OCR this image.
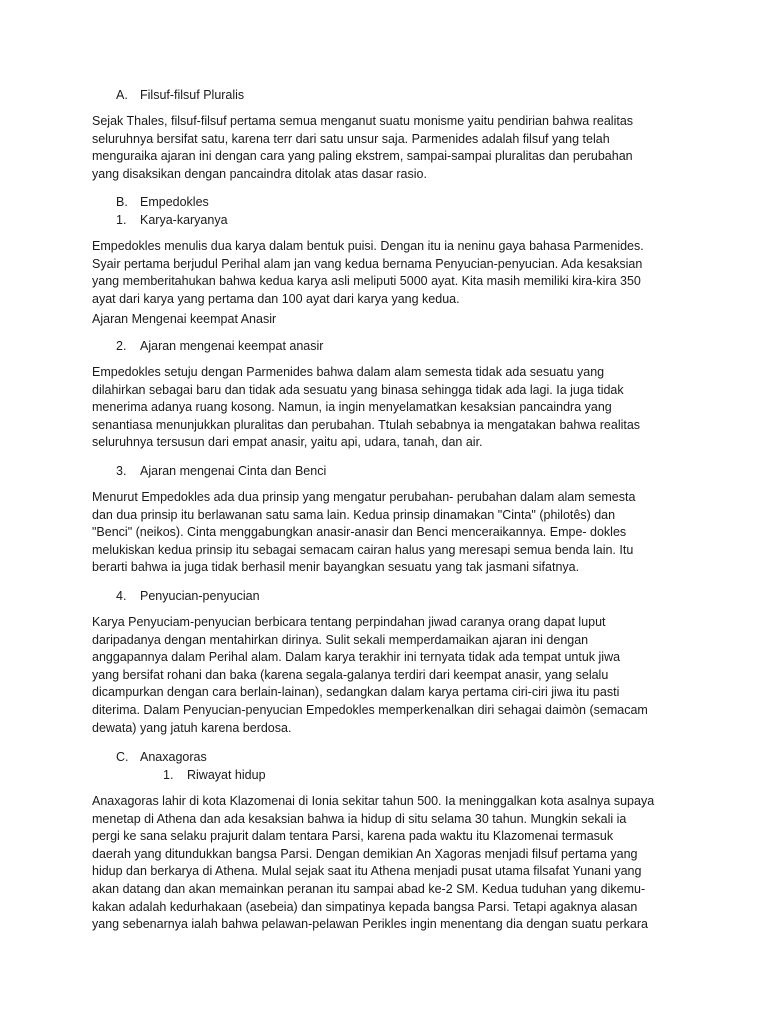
A. Filsuf-filsuf Pluralis
Sejak Thales, filsuf-filsuf pertama semua menganut suatu monisme yaitu pendirian bahwa realitas
seluruhnya bersifat satu, karena terr dari satu unsur saja. Parmenides adalah filsuf yang telah
menguraika ajaran ini dengan cara yang paling ekstrem, sampai-sampai pluralitas dan perubahan
yang disaksikan dengan pancaindra ditolak atas dasar rasio.
B. Empedokles
1. Karya-karyanya
Empedokles menulis dua karya dalam bentuk puisi. Dengan itu ia neninu gaya bahasa Parmenides.
Syair pertama berjudul Perihal alam jan vang kedua bernama Penyucian-penyucian. Ada kesaksian
yang memberitahukan bahwa kedua karya asli meliputi 5000 ayat. Kita masih memiliki kira-kira 350
ayat dari karya yang pertama dan 100 ayat dari karya yang kedua.
Ajaran Mengenai keempat Anasir
2. Ajaran mengenai keempat anasir
Empedokles setuju dengan Parmenides bahwa dalam alam semesta tidak ada sesuatu yang
dilahirkan sebagai baru dan tidak ada sesuatu yang binasa sehingga tidak ada lagi. Ia juga tidak
menerima adanya ruang kosong. Namun, ia ingin menyelamatkan kesaksian pancaindra yang
senantiasa menunjukkan pluralitas dan perubahan. Ttulah sebabnya ia mengatakan bahwa realitas
seluruhnya tersusun dari empat anasir, yaitu api, udara, tanah, dan air.
3. Ajaran mengenai Cinta dan Benci
Menurut Empedokles ada dua prinsip yang mengatur perubahan- perubahan dalam alam semesta
dan dua prinsip itu berlawanan satu sama lain. Kedua prinsip dinamakan "Cinta" (philotês) dan
"Benci" (neikos). Cinta menggabungkan anasir-anasir dan Benci menceraikannya. Empe- dokles
melukiskan kedua prinsip itu sebagai semacam cairan halus yang meresapi semua benda lain. Itu
berarti bahwa ia juga tidak berhasil menir bayangkan sesuatu yang tak jasmani sifatnya.
4. Penyucian-penyucian
Karya Penyuciam-penyucian berbicara tentang perpindahan jiwad caranya orang dapat luput
daripadanya dengan mentahirkan dirinya. Sulit sekali memperdamaikan ajaran ini dengan
anggapannya dalam Perihal alam. Dalam karya terakhir ini ternyata tidak ada tempat untuk jiwa
yang bersifat rohani dan baka (karena segala-galanya terdiri dari keempat anasir, yang selalu
dicampurkan dengan cara berlain-lainan), sedangkan dalam karya pertama ciri-ciri jiwa itu pasti
diterima. Dalam Penyucian-penyucian Empedokles memperkenalkan diri sehagai daimòn (semacam
dewata) yang jatuh karena berdosa.
C. Anaxagoras
1. Riwayat hidup
Anaxagoras lahir di kota Klazomenai di Ionia sekitar tahun 500. Ia meninggalkan kota asalnya supaya
menetap di Athena dan ada kesaksian bahwa ia hidup di situ selama 30 tahun. Mungkin sekali ia
pergi ke sana selaku prajurit dalam tentara Parsi, karena pada waktu itu Klazomenai termasuk
daerah yang ditundukkan bangsa Parsi. Dengan demikian An Xagoras menjadi filsuf pertama yang
hidup dan berkarya di Athena. Mulal sejak saat itu Athena menjadi pusat utama filsafat Yunani yang
akan datang dan akan memainkan peranan itu sampai abad ke-2 SM. Kedua tuduhan yang dikemu-
kakan adalah kedurhakaan (asebeia) dan simpatinya kepada bangsa Parsi. Tetapi agaknya alasan
yang sebenarnya ialah bahwa pelawan-pelawan Perikles ingin menentang dia dengan suatu perkara
